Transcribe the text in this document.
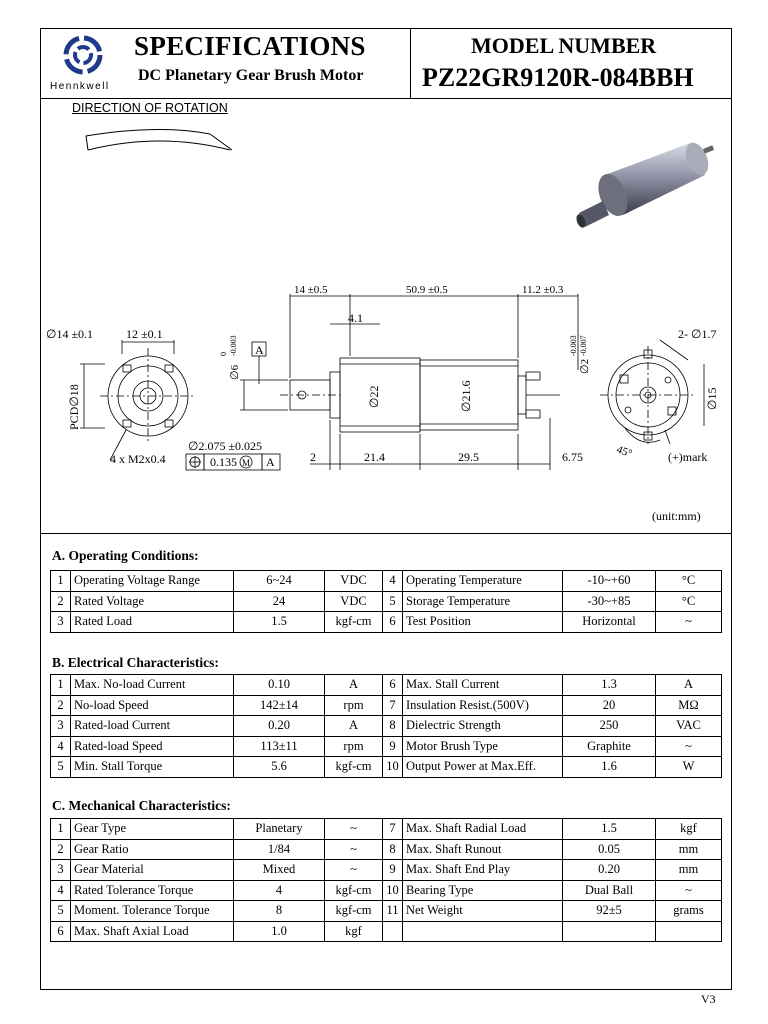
Hennkwell
SPECIFICATIONS
DC Planetary Gear Brush Motor
MODEL NUMBER
PZ22GR9120R-084BBH
DIRECTION OF ROTATION
∅14 ±0.1	12 ±0.1
PCD∅18
4 x M2x0.4
∅2.075 ±0.025
0.135 M A
A
∅6
0 -0.003
14 ±0.5	50.9 ±0.5	11.2 ±0.3
4.1
∅22	∅21.6
∅2
-0.003 -0.007
2	21.4	29.5	6.75
2- ∅1.7
∅15
45°	(+)mark
(unit:mm)
A. Operating Conditions:
1	Operating Voltage Range	6~24	VDC	4	Operating Temperature	-10~+60	°C
2	Rated Voltage	24	VDC	5	Storage Temperature	-30~+85	°C
3	Rated Load	1.5	kgf-cm	6	Test Position	Horizontal	~
B. Electrical Characteristics:
1	Max. No-load Current	0.10	A	6	Max. Stall Current	1.3	A
2	No-load Speed	142±14	rpm	7	Insulation Resist.(500V)	20	MΩ
3	Rated-load Current	0.20	A	8	Dielectric Strength	250	VAC
4	Rated-load Speed	113±11	rpm	9	Motor Brush Type	Graphite	~
5	Min. Stall Torque	5.6	kgf-cm	10	Output Power at Max.Eff.	1.6	W
C. Mechanical Characteristics:
1	Gear Type	Planetary	~	7	Max. Shaft Radial Load	1.5	kgf
2	Gear Ratio	1/84	~	8	Max. Shaft Runout	0.05	mm
3	Gear Material	Mixed	~	9	Max. Shaft End Play	0.20	mm
4	Rated Tolerance Torque	4	kgf-cm	10	Bearing Type	Dual Ball	~
5	Moment. Tolerance Torque	8	kgf-cm	11	Net Weight	92±5	grams
6	Max. Shaft Axial Load	1.0	kgf				
V3
